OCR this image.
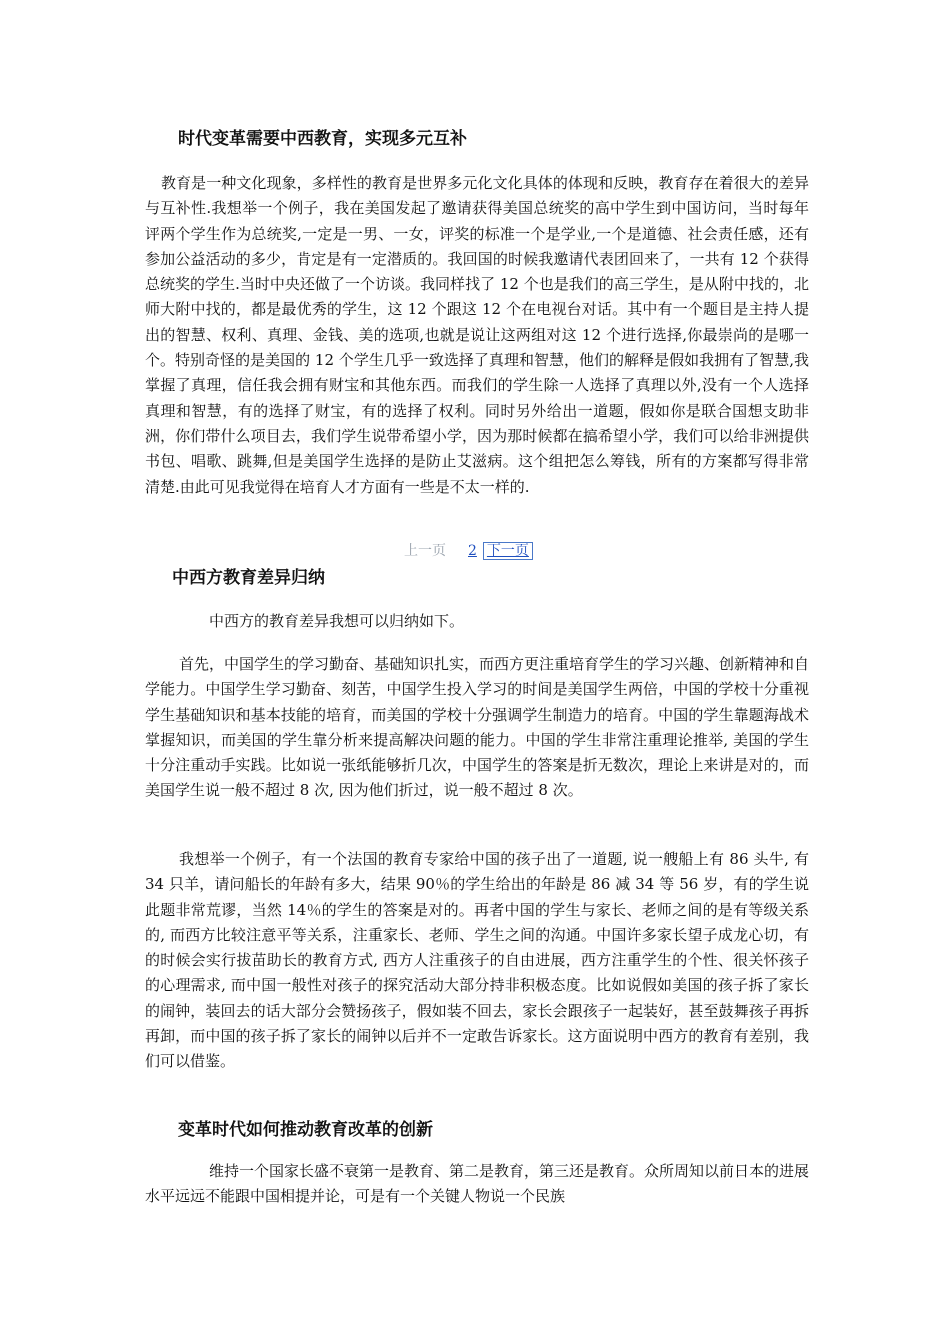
时代变革需要中西教育，实现多元互补

教育是一种文化现象，多样性的教育是世界多元化文化具体的体现和反映，教育存在着很大的差异与互补性.我想举一个例子，我在美国发起了邀请获得美国总统奖的高中学生到中国访问，当时每年评两个学生作为总统奖,一定是一男、一女，评奖的标准一个是学业,一个是道德、社会责任感，还有参加公益活动的多少，肯定是有一定潜质的。我回国的时候我邀请代表团回来了，一共有 12 个获得总统奖的学生.当时中央还做了一个访谈。我同样找了 12 个也是我们的高三学生，是从附中找的，北师大附中找的，都是最优秀的学生，这 12 个跟这 12 个在电视台对话。其中有一个题目是主持人提出的智慧、权利、真理、金钱、美的选项,也就是说让这两组对这 12 个进行选择,你最崇尚的是哪一个。特别奇怪的是美国的 12 个学生几乎一致选择了真理和智慧，他们的解释是假如我拥有了智慧,我掌握了真理，信任我会拥有财宝和其他东西。而我们的学生除一人选择了真理以外,没有一个人选择真理和智慧，有的选择了财宝，有的选择了权利。同时另外给出一道题，假如你是联合国想支助非洲，你们带什么项目去，我们学生说带希望小学，因为那时候都在搞希望小学，我们可以给非洲提供书包、唱歌、跳舞,但是美国学生选择的是防止艾滋病。这个组把怎么筹钱，所有的方案都写得非常清楚.由此可见我觉得在培育人才方面有一些是不太一样的.

上一页 2 下一页
中西方教育差异归纳

中西方的教育差异我想可以归纳如下。

首先，中国学生的学习勤奋、基础知识扎实，而西方更注重培育学生的学习兴趣、创新精神和自学能力。中国学生学习勤奋、刻苦，中国学生投入学习的时间是美国学生两倍，中国的学校十分重视学生基础知识和基本技能的培育，而美国的学校十分强调学生制造力的培育。中国的学生靠题海战术掌握知识，而美国的学生靠分析来提高解决问题的能力。中国的学生非常注重理论推举, 美国的学生十分注重动手实践。比如说一张纸能够折几次，中国学生的答案是折无数次，理论上来讲是对的，而美国学生说一般不超过 8 次, 因为他们折过，说一般不超过 8 次。

我想举一个例子，有一个法国的教育专家给中国的孩子出了一道题, 说一艘船上有 86 头牛, 有 34 只羊，请问船长的年龄有多大，结果 90％的学生给出的年龄是 86 减 34 等 56 岁，有的学生说此题非常荒谬，当然 14％的学生的答案是对的。再者中国的学生与家长、老师之间的是有等级关系的, 而西方比较注意平等关系，注重家长、老师、学生之间的沟通。中国许多家长望子成龙心切，有的时候会实行拔苗助长的教育方式, 西方人注重孩子的自由进展，西方注重学生的个性、很关怀孩子的心理需求, 而中国一般性对孩子的探究活动大部分持非积极态度。比如说假如美国的孩子拆了家长的闹钟，装回去的话大部分会赞扬孩子，假如装不回去，家长会跟孩子一起装好，甚至鼓舞孩子再拆再卸，而中国的孩子拆了家长的闹钟以后并不一定敢告诉家长。这方面说明中西方的教育有差别，我们可以借鉴。

变革时代如何推动教育改革的创新

维持一个国家长盛不衰第一是教育、第二是教育，第三还是教育。众所周知以前日本的进展水平远远不能跟中国相提并论，可是有一个关键人物说一个民族
